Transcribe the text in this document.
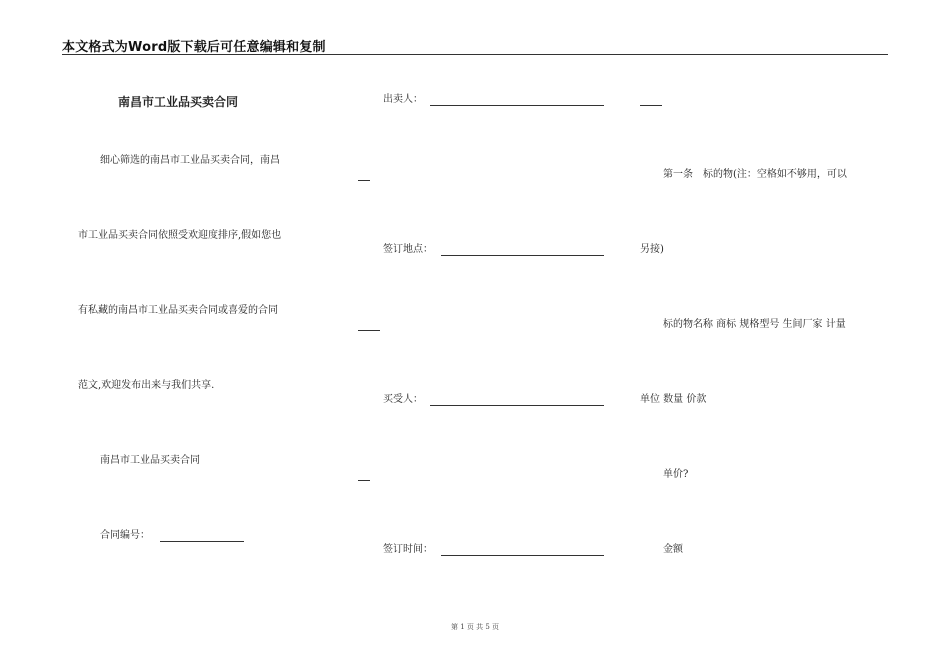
本文格式为Word版下载后可任意编辑和复制
南昌市工业品买卖合同
细心筛选的南昌市工业品买卖合同，南昌
市工业品买卖合同依照受欢迎度排序,假如您也
有私藏的南昌市工业品买卖合同或喜爱的合同
范文,欢迎发布出来与我们共享.
南昌市工业品买卖合同
合同编号：
出卖人：
签订地点：
买受人：
签订时间：
第一条　标的物(注：空格如不够用，可以
另接)
标的物名称 商标 规格型号 生间厂家 计量
单位 数量 价款
单价?
金额
第 1 页 共 5 页
